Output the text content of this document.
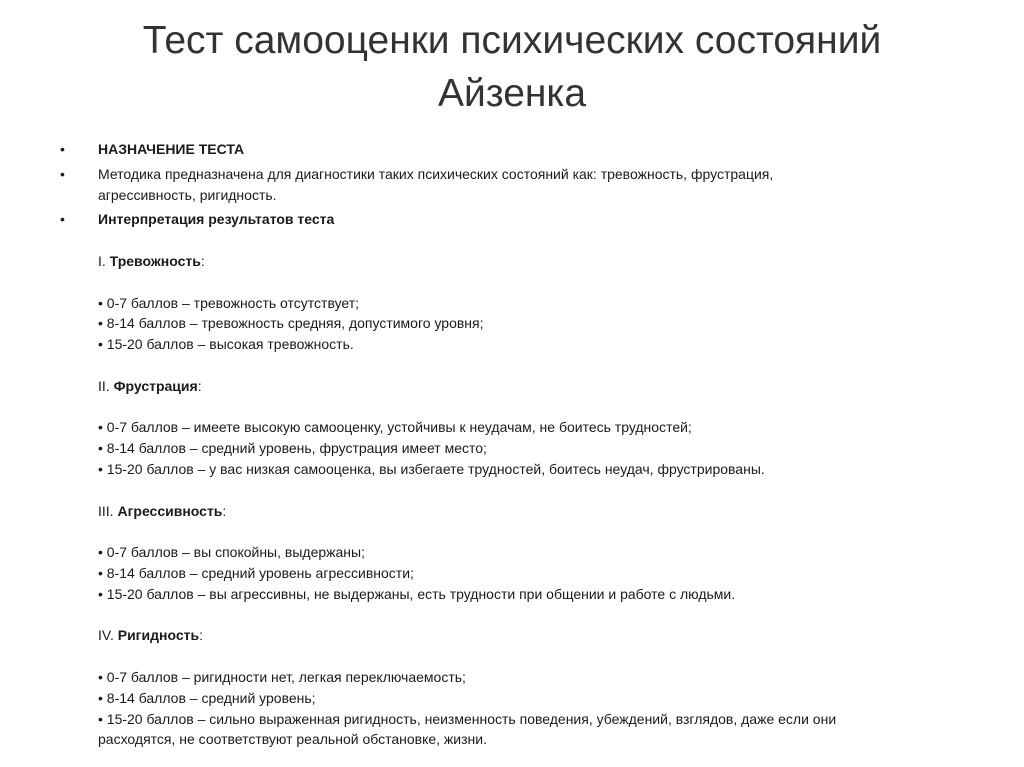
Тест самооценки психических состояний
Айзенка
• НАЗНАЧЕНИЕ ТЕСТА
• Методика предназначена для диагностики таких психических состояний как: тревожность, фрустрация,
агрессивность, ригидность.
• Интерпретация результатов теста
I. Тревожность:
• 0-7 баллов – тревожность отсутствует;
• 8-14 баллов – тревожность средняя, допустимого уровня;
• 15-20 баллов – высокая тревожность.
II. Фрустрация:
• 0-7 баллов – имеете высокую самооценку, устойчивы к неудачам, не боитесь трудностей;
• 8-14 баллов – средний уровень, фрустрация имеет место;
• 15-20 баллов – у вас низкая самооценка, вы избегаете трудностей, боитесь неудач, фрустрированы.
III. Агрессивность:
• 0-7 баллов – вы спокойны, выдержаны;
• 8-14 баллов – средний уровень агрессивности;
• 15-20 баллов – вы агрессивны, не выдержаны, есть трудности при общении и работе с людьми.
IV. Ригидность:
• 0-7 баллов – ригидности нет, легкая переключаемость;
• 8-14 баллов – средний уровень;
• 15-20 баллов – сильно выраженная ригидность, неизменность поведения, убеждений, взглядов, даже если они
расходятся, не соответствуют реальной обстановке, жизни.
